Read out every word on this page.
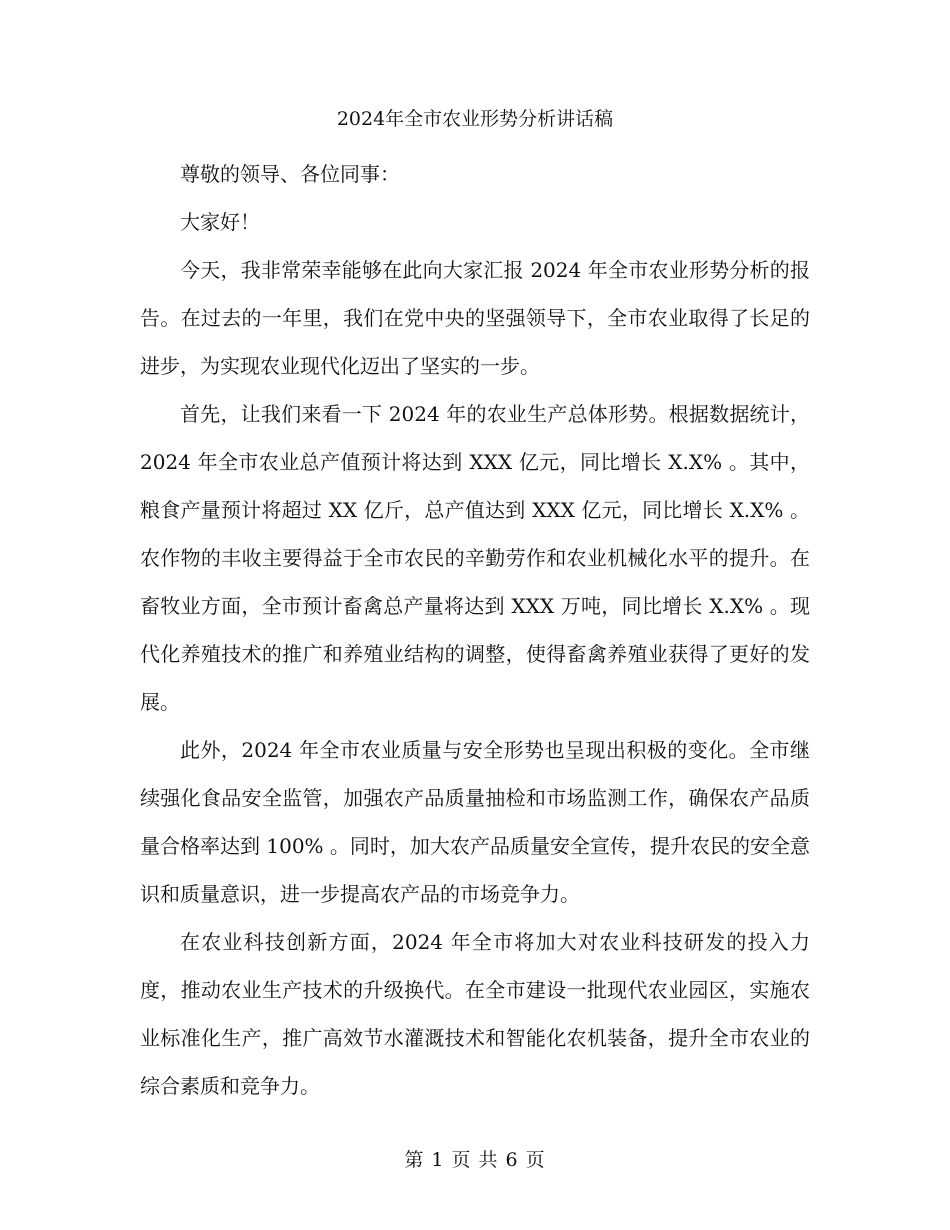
2024年全市农业形势分析讲话稿

尊敬的领导、各位同事：

大家好！

今天，我非常荣幸能够在此向大家汇报 2024 年全市农业形势分析的报告。在过去的一年里，我们在党中央的坚强领导下，全市农业取得了长足的进步，为实现农业现代化迈出了坚实的一步。

首先，让我们来看一下 2024 年的农业生产总体形势。根据数据统计，2024 年全市农业总产值预计将达到 XXX 亿元，同比增长 X.X% 。其中，粮食产量预计将超过 XX 亿斤，总产值达到 XXX 亿元，同比增长 X.X% 。农作物的丰收主要得益于全市农民的辛勤劳作和农业机械化水平的提升。在畜牧业方面，全市预计畜禽总产量将达到 XXX 万吨，同比增长 X.X% 。现代化养殖技术的推广和养殖业结构的调整，使得畜禽养殖业获得了更好的发展。

此外，2024 年全市农业质量与安全形势也呈现出积极的变化。全市继续强化食品安全监管，加强农产品质量抽检和市场监测工作，确保农产品质量合格率达到 100% 。同时，加大农产品质量安全宣传，提升农民的安全意识和质量意识，进一步提高农产品的市场竞争力。

在农业科技创新方面，2024 年全市将加大对农业科技研发的投入力度，推动农业生产技术的升级换代。在全市建设一批现代农业园区，实施农业标准化生产，推广高效节水灌溉技术和智能化农机装备，提升全市农业的综合素质和竞争力。

第 1 页 共 6 页
